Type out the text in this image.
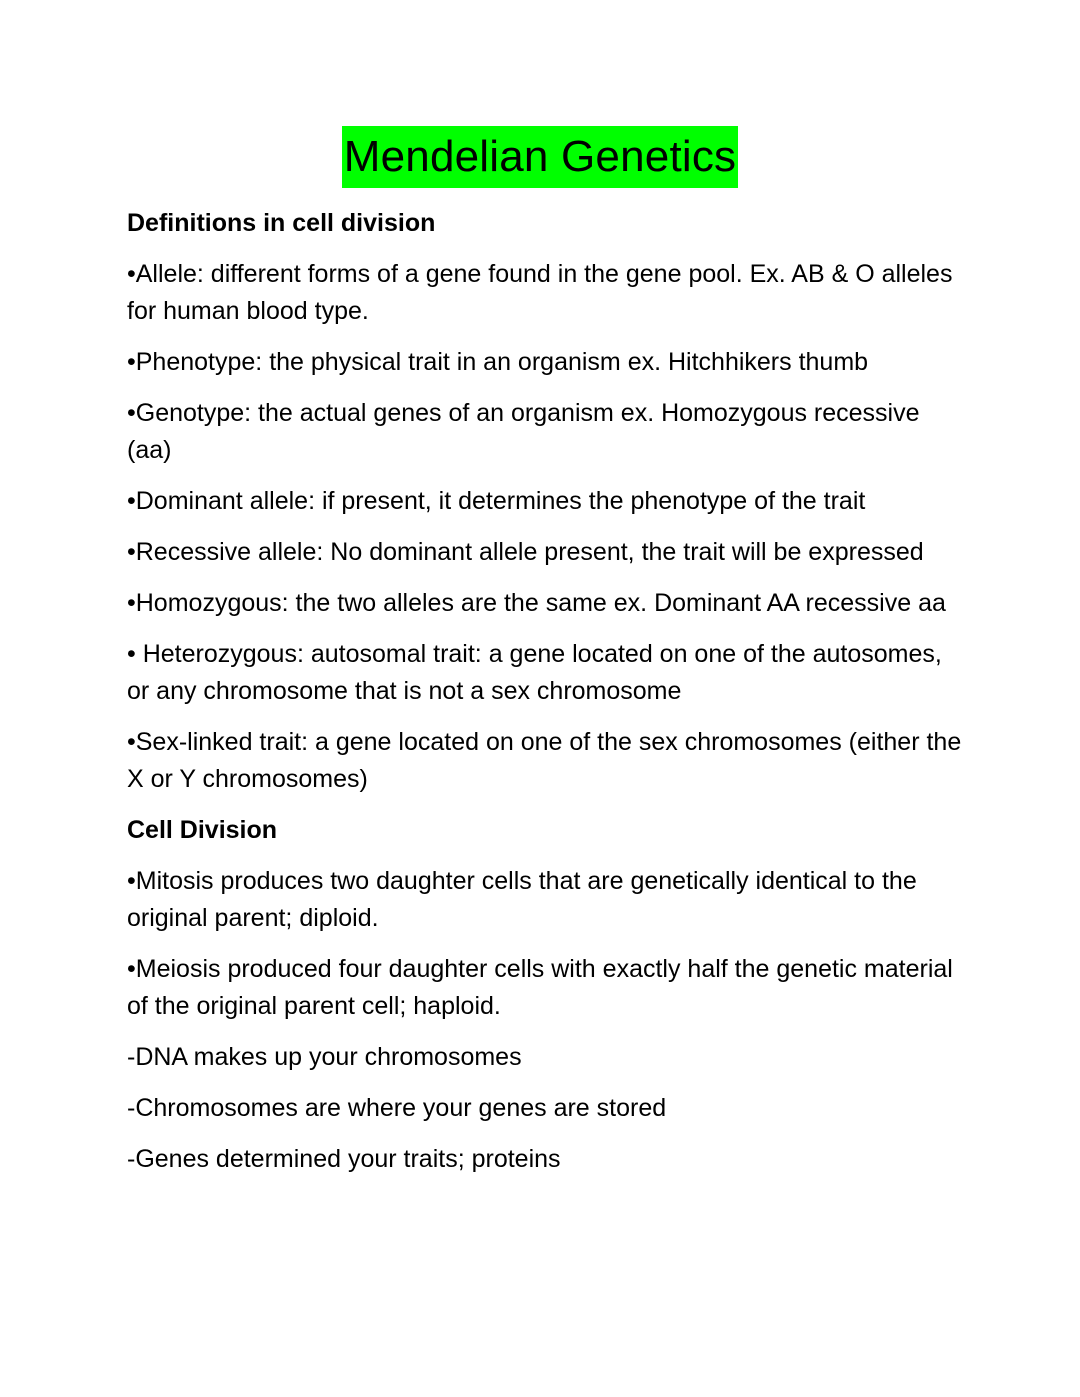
Mendelian Genetics
Definitions in cell division
•Allele: different forms of a gene found in the gene pool. Ex. AB & O alleles for human blood type.
•Phenotype: the physical trait in an organism ex. Hitchhikers thumb
•Genotype: the actual genes of an organism ex. Homozygous recessive (aa)
•Dominant allele: if present, it determines the phenotype of the trait
•Recessive allele: No dominant allele present, the trait will be expressed
•Homozygous: the two alleles are the same ex. Dominant AA recessive aa
• Heterozygous: autosomal trait: a gene located on one of the autosomes, or any chromosome that is not a sex chromosome
•Sex-linked trait: a gene located on one of the sex chromosomes (either the X or Y chromosomes)
Cell Division
•Mitosis produces two daughter cells that are genetically identical to the original parent; diploid.
•Meiosis produced four daughter cells with exactly half the genetic material of the original parent cell; haploid.
-DNA makes up your chromosomes
-Chromosomes are where your genes are stored
-Genes determined your traits; proteins
